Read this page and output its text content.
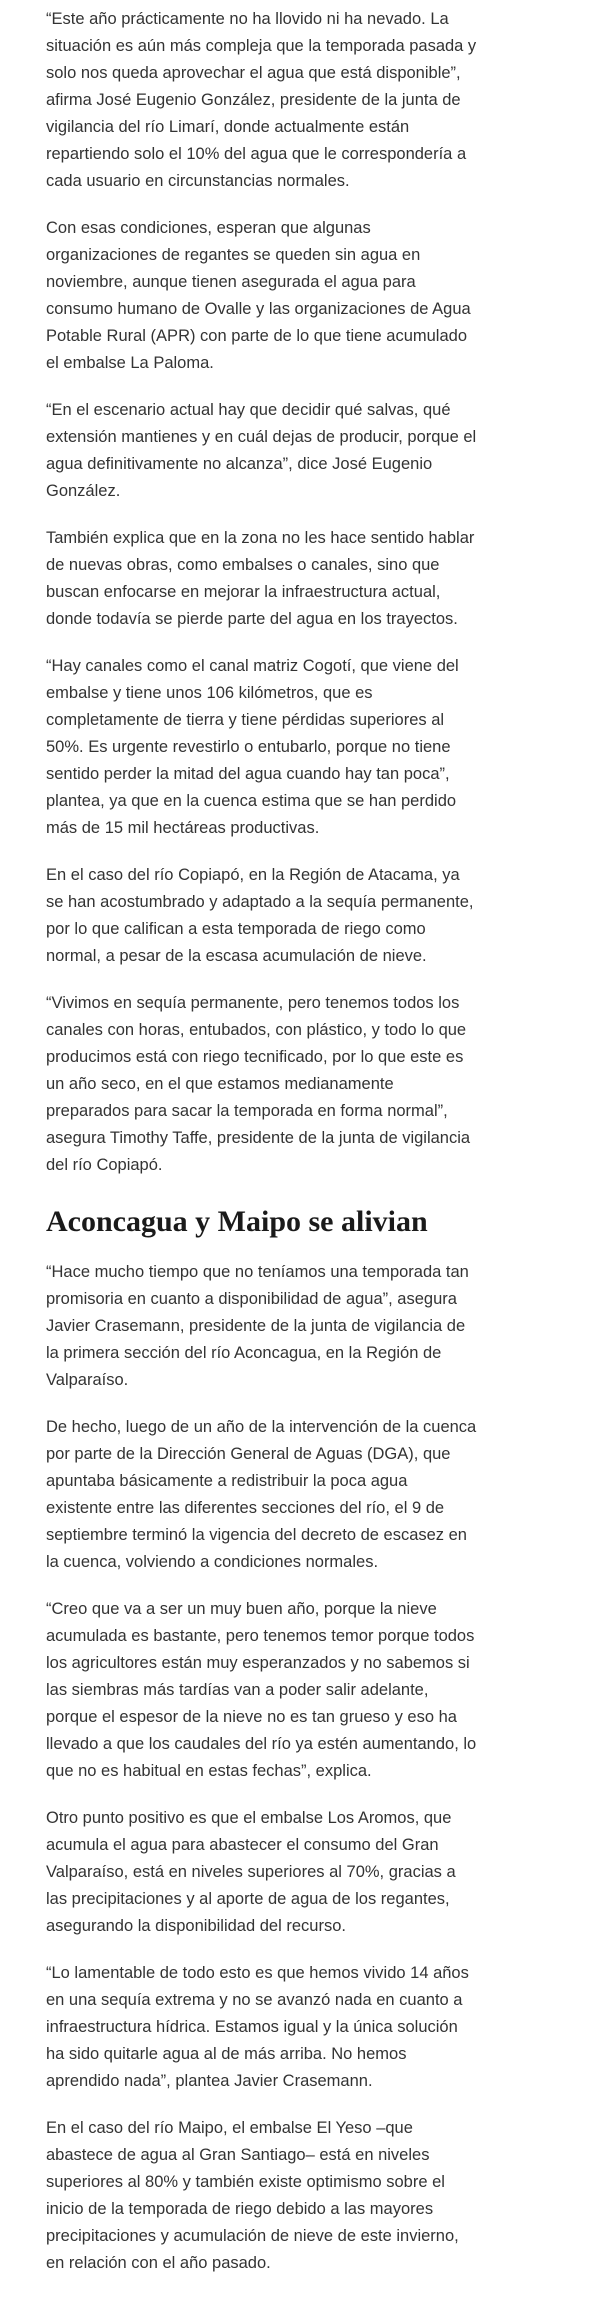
“Este año prácticamente no ha llovido ni ha nevado. La situación es aún más compleja que la temporada pasada y solo nos queda aprovechar el agua que está disponible”, afirma José Eugenio González, presidente de la junta de vigilancia del río Limarí, donde actualmente están repartiendo solo el 10% del agua que le correspondería a cada usuario en circunstancias normales.

Con esas condiciones, esperan que algunas organizaciones de regantes se queden sin agua en noviembre, aunque tienen asegurada el agua para consumo humano de Ovalle y las organizaciones de Agua Potable Rural (APR) con parte de lo que tiene acumulado el embalse La Paloma.

“En el escenario actual hay que decidir qué salvas, qué extensión mantienes y en cuál dejas de producir, porque el agua definitivamente no alcanza”, dice José Eugenio González.

También explica que en la zona no les hace sentido hablar de nuevas obras, como embalses o canales, sino que buscan enfocarse en mejorar la infraestructura actual, donde todavía se pierde parte del agua en los trayectos.

“Hay canales como el canal matriz Cogotí, que viene del embalse y tiene unos 106 kilómetros, que es completamente de tierra y tiene pérdidas superiores al 50%. Es urgente revestirlo o entubarlo, porque no tiene sentido perder la mitad del agua cuando hay tan poca”, plantea, ya que en la cuenca estima que se han perdido más de 15 mil hectáreas productivas.

En el caso del río Copiapó, en la Región de Atacama, ya se han acostumbrado y adaptado a la sequía permanente, por lo que califican a esta temporada de riego como normal, a pesar de la escasa acumulación de nieve.

“Vivimos en sequía permanente, pero tenemos todos los canales con horas, entubados, con plástico, y todo lo que producimos está con riego tecnificado, por lo que este es un año seco, en el que estamos medianamente preparados para sacar la temporada en forma normal”, asegura Timothy Taffe, presidente de la junta de vigilancia del río Copiapó.

Aconcagua y Maipo se alivian

“Hace mucho tiempo que no teníamos una temporada tan promisoria en cuanto a disponibilidad de agua”, asegura Javier Crasemann, presidente de la junta de vigilancia de la primera sección del río Aconcagua, en la Región de Valparaíso.

De hecho, luego de un año de la intervención de la cuenca por parte de la Dirección General de Aguas (DGA), que apuntaba básicamente a redistribuir la poca agua existente entre las diferentes secciones del río, el 9 de septiembre terminó la vigencia del decreto de escasez en la cuenca, volviendo a condiciones normales.

“Creo que va a ser un muy buen año, porque la nieve acumulada es bastante, pero tenemos temor porque todos los agricultores están muy esperanzados y no sabemos si las siembras más tardías van a poder salir adelante, porque el espesor de la nieve no es tan grueso y eso ha llevado a que los caudales del río ya estén aumentando, lo que no es habitual en estas fechas”, explica.

Otro punto positivo es que el embalse Los Aromos, que acumula el agua para abastecer el consumo del Gran Valparaíso, está en niveles superiores al 70%, gracias a las precipitaciones y al aporte de agua de los regantes, asegurando la disponibilidad del recurso.

“Lo lamentable de todo esto es que hemos vivido 14 años en una sequía extrema y no se avanzó nada en cuanto a infraestructura hídrica. Estamos igual y la única solución ha sido quitarle agua al de más arriba. No hemos aprendido nada”, plantea Javier Crasemann.

En el caso del río Maipo, el embalse El Yeso –que abastece de agua al Gran Santiago– está en niveles superiores al 80% y también existe optimismo sobre el inicio de la temporada de riego debido a las mayores precipitaciones y acumulación de nieve de este invierno, en relación con el año pasado.
